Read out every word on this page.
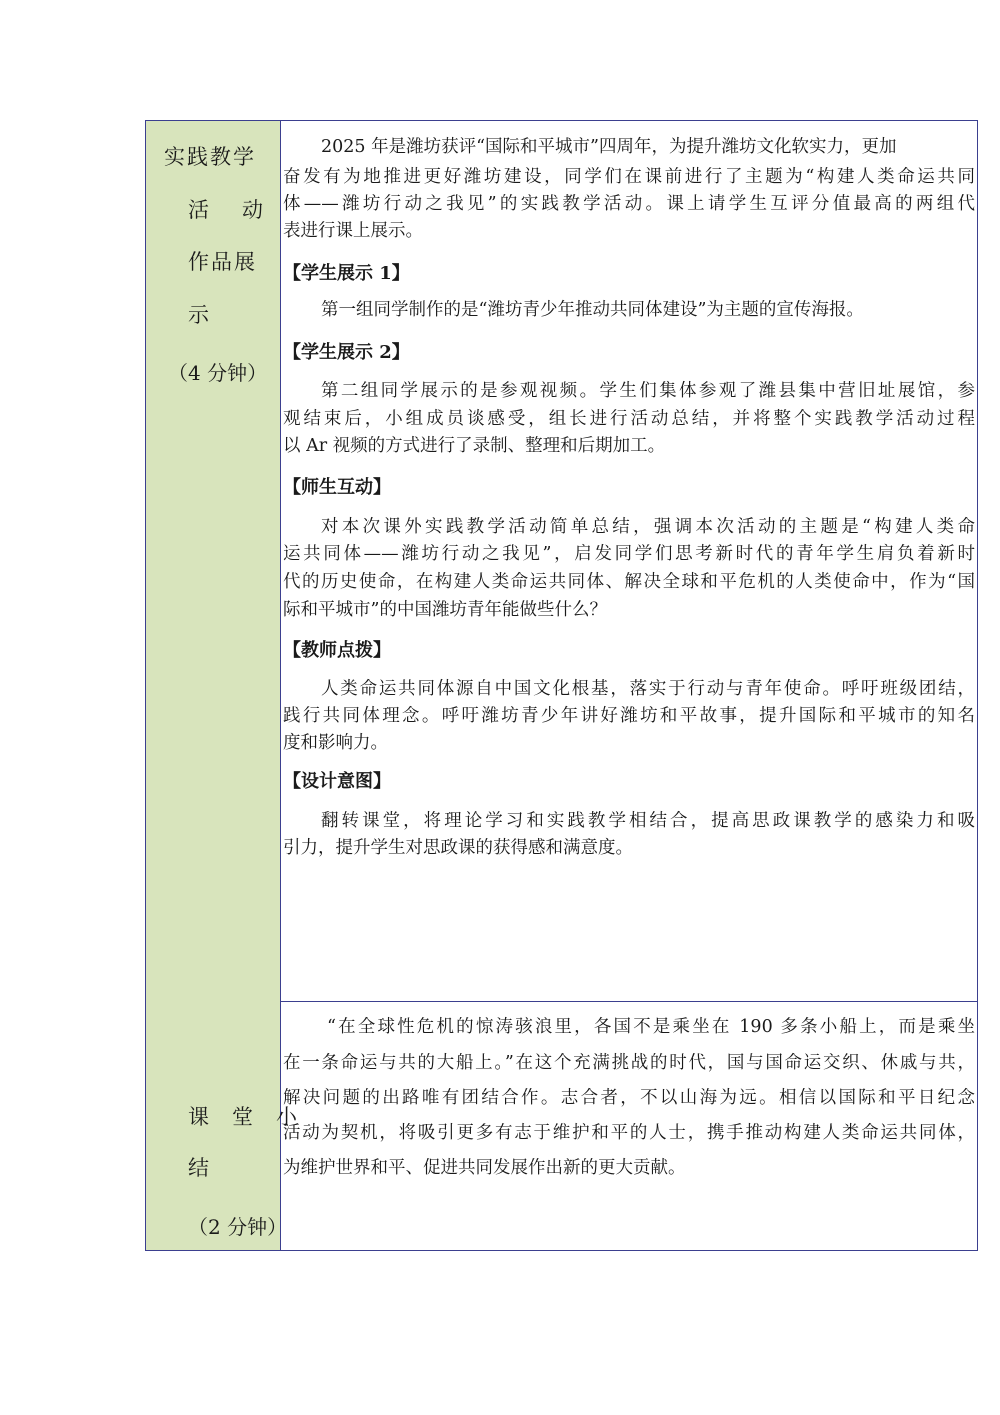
实践教学
活　动
作品展
示
（4 分钟）
2025 年是潍坊获评“国际和平城市”四周年，为提升潍坊文化软实力，更加
奋发有为地推进更好潍坊建设，同学们在课前进行了主题为“构建人类命运共同
体——潍坊行动之我见”的实践教学活动。课上请学生互评分值最高的两组代
表进行课上展示。
【学生展示 1】
第一组同学制作的是“潍坊青少年推动共同体建设”为主题的宣传海报。
【学生展示 2】
第二组同学展示的是参观视频。学生们集体参观了潍县集中营旧址展馆，参
观结束后，小组成员谈感受，组长进行活动总结，并将整个实践教学活动过程
以 Ar 视频的方式进行了录制、整理和后期加工。
【师生互动】
对本次课外实践教学活动简单总结，强调本次活动的主题是“构建人类命
运共同体——潍坊行动之我见”，启发同学们思考新时代的青年学生肩负着新时
代的历史使命，在构建人类命运共同体、解决全球和平危机的人类使命中，作为“国
际和平城市”的中国潍坊青年能做些什么？
【教师点拨】
人类命运共同体源自中国文化根基，落实于行动与青年使命。呼吁班级团结，
践行共同体理念。呼吁潍坊青少年讲好潍坊和平故事，提升国际和平城市的知名
度和影响力。
【设计意图】
翻转课堂，将理论学习和实践教学相结合，提高思政课教学的感染力和吸
引力，提升学生对思政课的获得感和满意度。
课　堂　小
结
（2 分钟）
“在全球性危机的惊涛骇浪里，各国不是乘坐在 190 多条小船上，而是乘坐
在一条命运与共的大船上。”在这个充满挑战的时代，国与国命运交织、休戚与共，
解决问题的出路唯有团结合作。志合者，不以山海为远。相信以国际和平日纪念
活动为契机，将吸引更多有志于维护和平的人士，携手推动构建人类命运共同体，
为维护世界和平、促进共同发展作出新的更大贡献。
